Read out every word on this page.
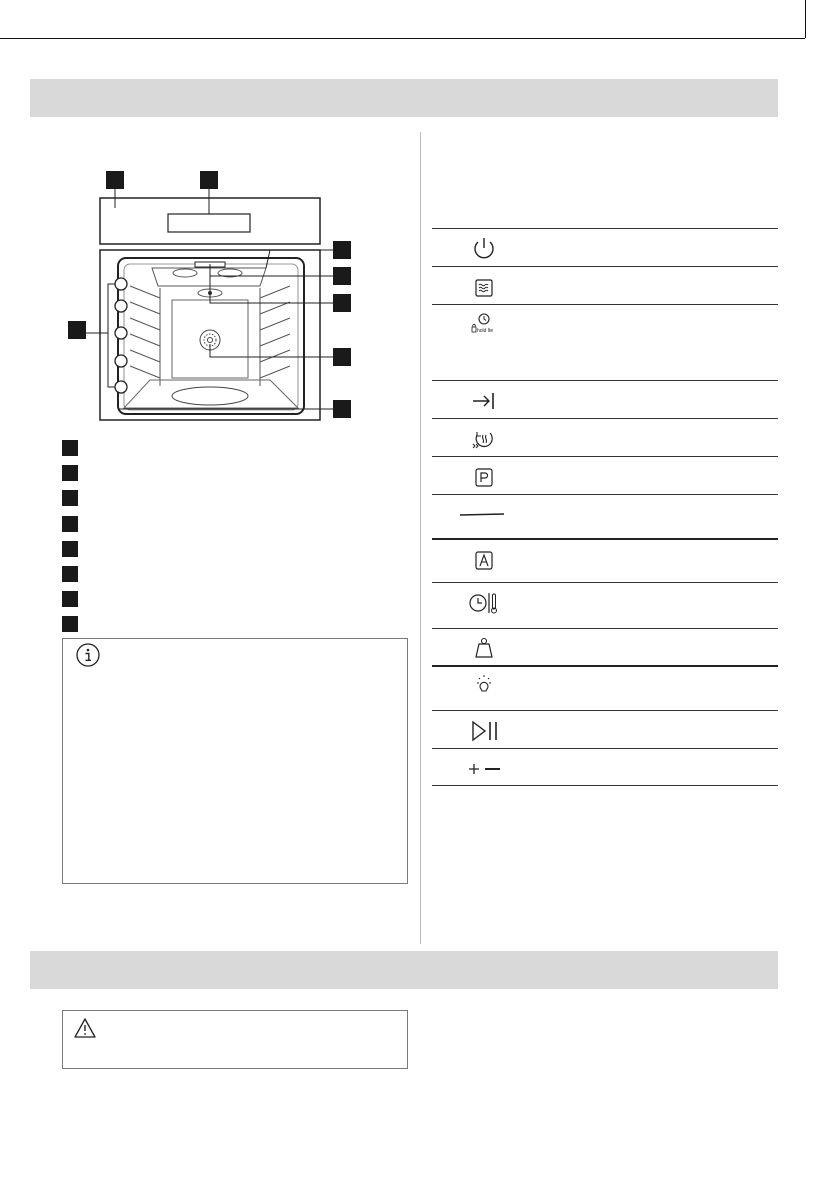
hold lte
